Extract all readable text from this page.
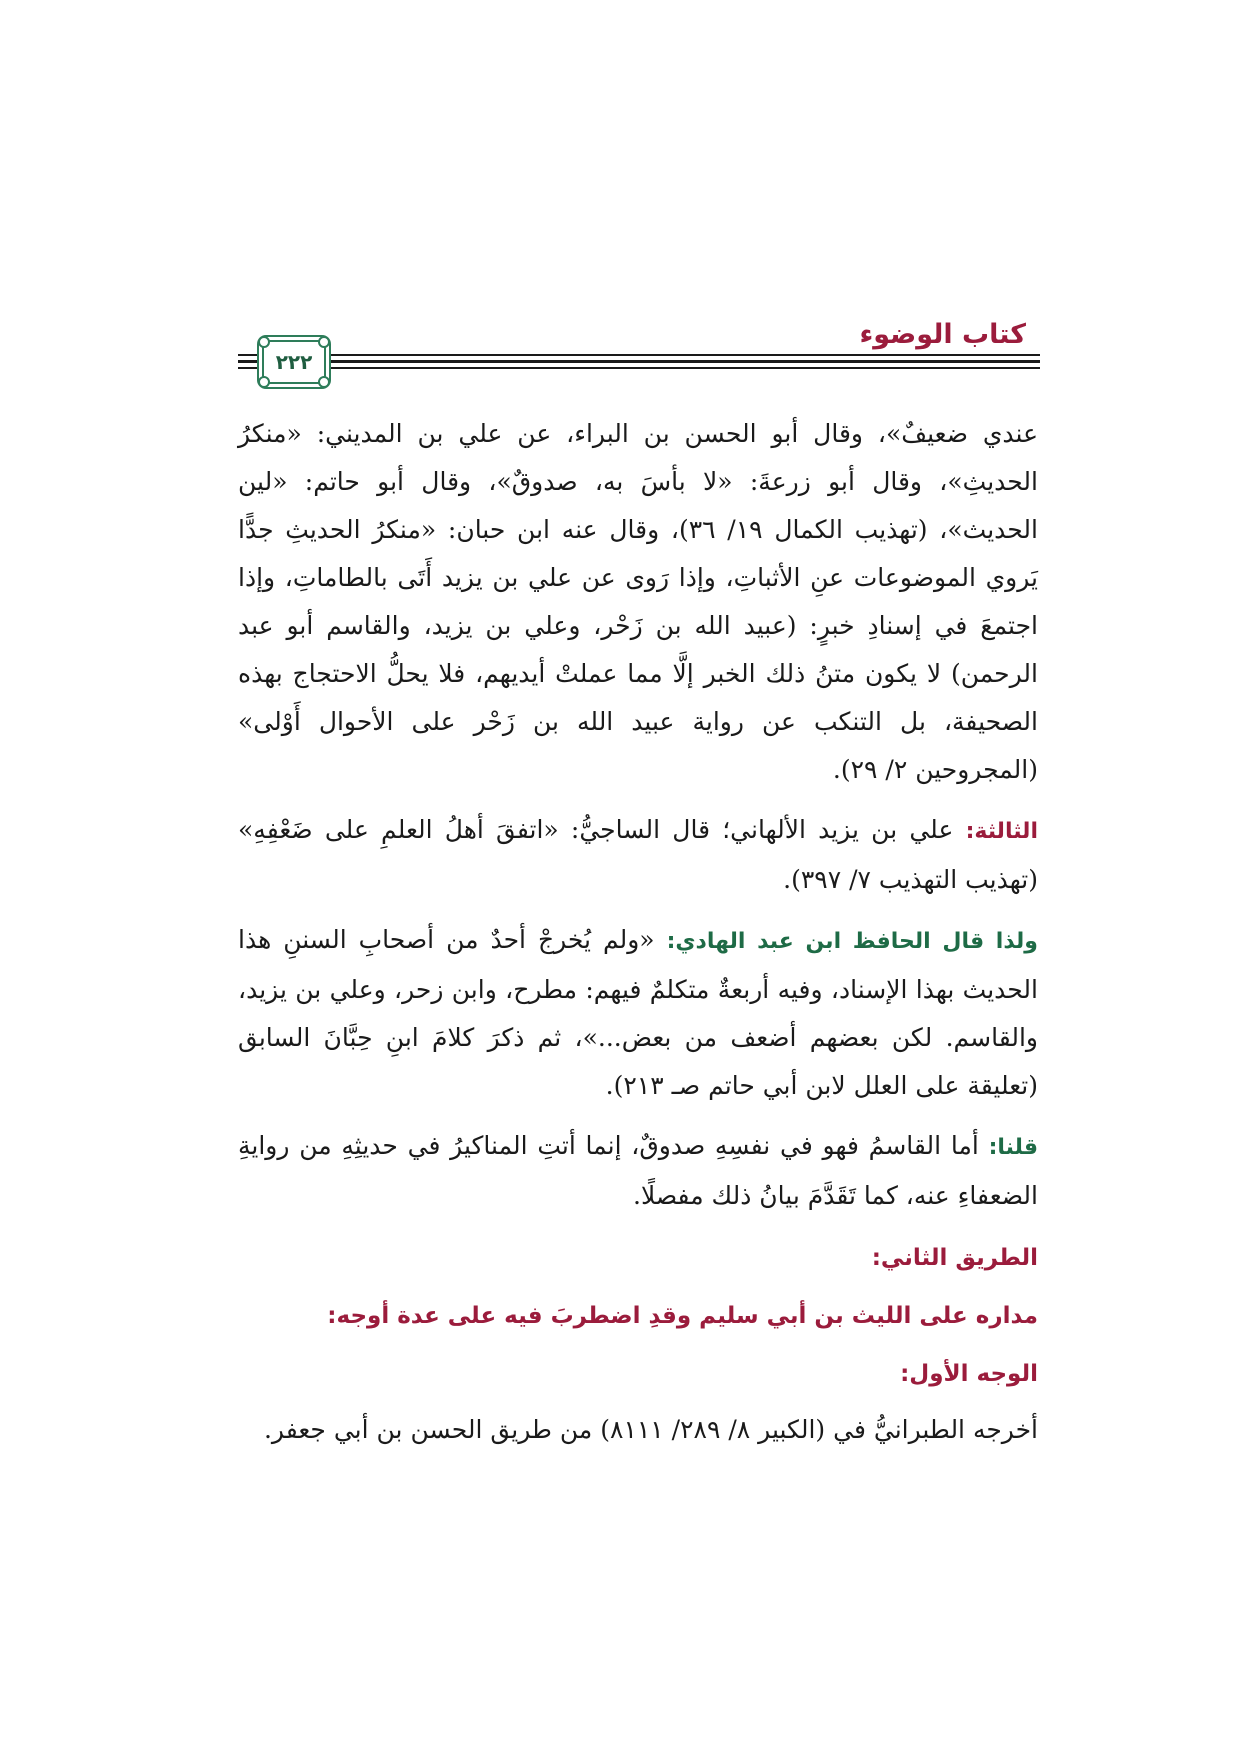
كتاب الوضوء
٢٢٢

عندي ضعيفٌ»، وقال أبو الحسن بن البراء، عن علي بن المديني: «منكرُ الحديثِ»، وقال أبو زرعةَ: «لا بأسَ به، صدوقٌ»، وقال أبو حاتم: «لين الحديث»، (تهذيب الكمال ١٩/ ٣٦)، وقال عنه ابن حبان: «منكرُ الحديثِ جدًّا يَروي الموضوعات عنِ الأثباتِ، وإذا رَوى عن علي بن يزيد أَتَى بالطاماتِ، وإذا اجتمعَ في إسنادِ خبرٍ: (عبيد الله بن زَحْر، وعلي بن يزيد، والقاسم أبو عبد الرحمن) لا يكون متنُ ذلك الخبر إلَّا مما عملتْ أيديهم، فلا يحلُّ الاحتجاج بهذه الصحيفة، بل التنكب عن رواية عبيد الله بن زَحْر على الأحوال أَوْلى» (المجروحين ٢/ ٢٩).

الثالثة: علي بن يزيد الألهاني؛ قال الساجيُّ: «اتفقَ أهلُ العلمِ على ضَعْفِهِ» (تهذيب التهذيب ٧/ ٣٩٧).

ولذا قال الحافظ ابن عبد الهادي: «ولم يُخرجْ أحدٌ من أصحابِ السننِ هذا الحديث بهذا الإسناد، وفيه أربعةٌ متكلمٌ فيهم: مطرح، وابن زحر، وعلي بن يزيد، والقاسم. لكن بعضهم أضعف من بعض...»، ثم ذكرَ كلامَ ابنِ حِبَّانَ السابق (تعليقة على العلل لابن أبي حاتم صـ ٢١٣).

قلنا: أما القاسمُ فهو في نفسِهِ صدوقٌ، إنما أتتِ المناكيرُ في حديثِهِ من روايةِ الضعفاءِ عنه، كما تَقَدَّمَ بيانُ ذلك مفصلًا.

الطريق الثاني:
مداره على الليث بن أبي سليم وقدِ اضطربَ فيه على عدة أوجه:
الوجه الأول:

أخرجه الطبرانيُّ في (الكبير ٨/ ٢٨٩/ ٨١١١) من طريق الحسن بن أبي جعفر.
